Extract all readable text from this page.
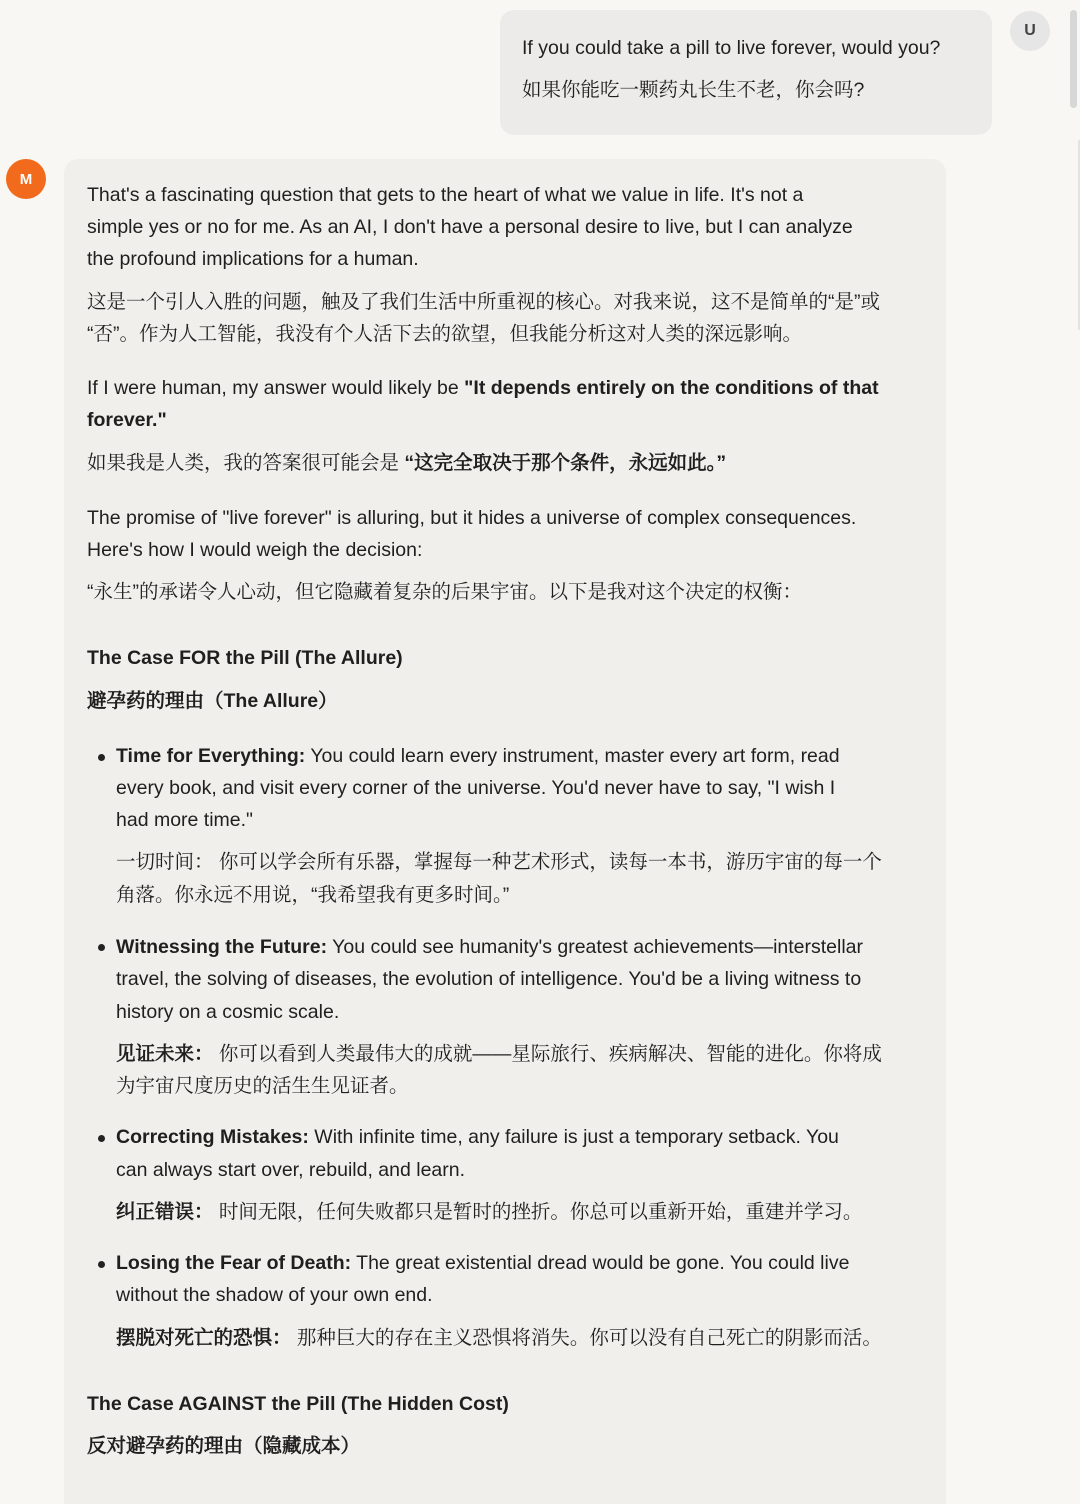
If you could take a pill to live forever, would you?

如果你能吃一颗药丸长生不老，你会吗?

U
M

That's a fascinating question that gets to the heart of what we value in life. It's not a

simple yes or no for me. As an AI, I don't have a personal desire to live, but I can analyze

the profound implications for a human.

这是一个引人入胜的问题，触及了我们生活中所重视的核心。对我来说，这不是简单的“是”或

“否”。作为人工智能，我没有个人活下去的欲望，但我能分析这对人类的深远影响。

If I were human, my answer would likely be "It depends entirely on the conditions of that

forever."

如果我是人类，我的答案很可能会是 “这完全取决于那个条件，永远如此。”

The promise of "live forever" is alluring, but it hides a universe of complex consequences.

Here's how I would weigh the decision:

“永生”的承诺令人心动，但它隐藏着复杂的后果宇宙。以下是我对这个决定的权衡：

The Case FOR the Pill (The Allure)

避孕药的理由（The Allure）

Time for Everything: You could learn every instrument, master every art form, read

every book, and visit every corner of the universe. You'd never have to say, "I wish I

had more time."

一切时间： 你可以学会所有乐器，掌握每一种艺术形式，读每一本书，游历宇宙的每一个

角落。你永远不用说，“我希望我有更多时间。”

Witnessing the Future: You could see humanity's greatest achievements—interstellar

travel, the solving of diseases, the evolution of intelligence. You'd be a living witness to

history on a cosmic scale.

见证未来： 你可以看到人类最伟大的成就——星际旅行、疾病解决、智能的进化。你将成

为宇宙尺度历史的活生生见证者。

Correcting Mistakes: With infinite time, any failure is just a temporary setback. You

can always start over, rebuild, and learn.

纠正错误： 时间无限，任何失败都只是暂时的挫折。你总可以重新开始，重建并学习。

Losing the Fear of Death: The great existential dread would be gone. You could live

without the shadow of your own end.

摆脱对死亡的恐惧： 那种巨大的存在主义恐惧将消失。你可以没有自己死亡的阴影而活。

The Case AGAINST the Pill (The Hidden Cost)

反对避孕药的理由（隐藏成本）
